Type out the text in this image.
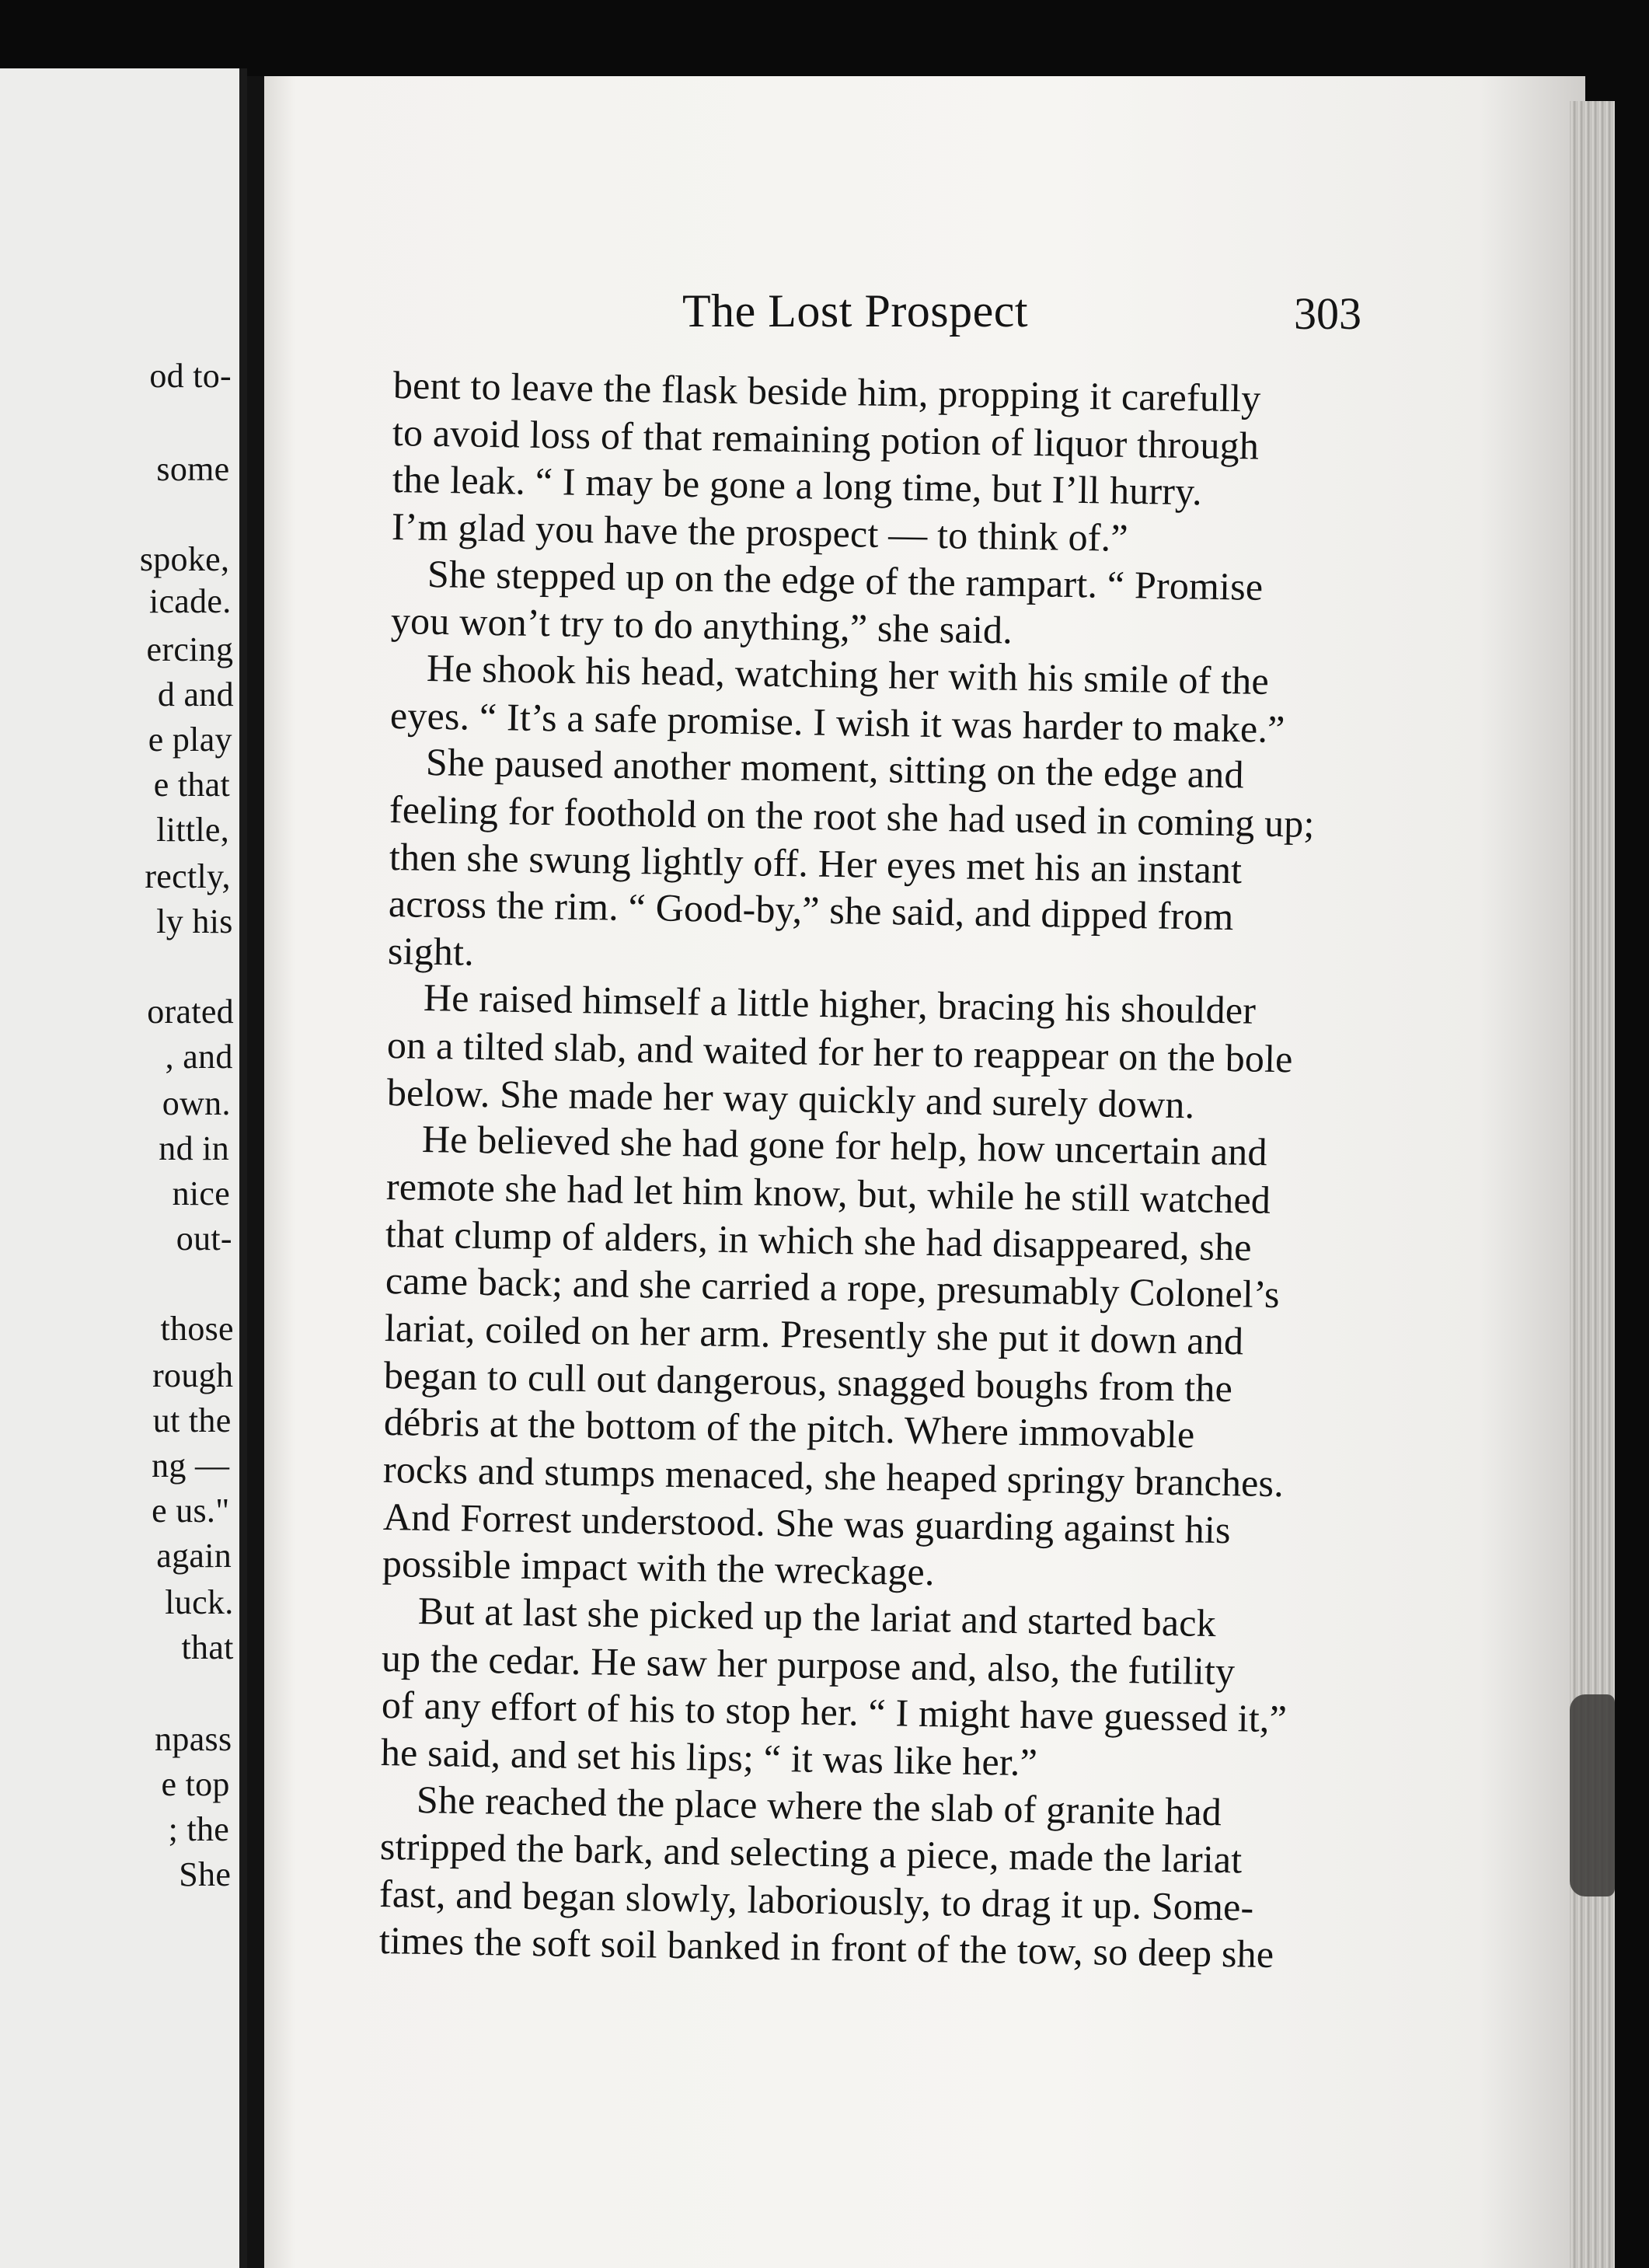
od to-
some
spoke,
icade.
ercing
d and
e play
e that
little,
rectly,
ly his
orated
, and
own.
nd in
nice
out-
those
rough
ut the
ng —
e us."
again
luck.
that
npass
e top
; the
She
The Lost Prospect	303
bent to leave the flask beside him, propping it carefully
to avoid loss of that remaining potion of liquor through
the leak. “ I may be gone a long time, but I’ll hurry.
I’m glad you have the prospect — to think of.”
She stepped up on the edge of the rampart. “ Promise
you won’t try to do anything,” she said.
He shook his head, watching her with his smile of the
eyes. “ It’s a safe promise. I wish it was harder to make.”
She paused another moment, sitting on the edge and
feeling for foothold on the root she had used in coming up;
then she swung lightly off. Her eyes met his an instant
across the rim. “ Good-by,” she said, and dipped from
sight.
He raised himself a little higher, bracing his shoulder
on a tilted slab, and waited for her to reappear on the bole
below. She made her way quickly and surely down.
He believed she had gone for help, how uncertain and
remote she had let him know, but, while he still watched
that clump of alders, in which she had disappeared, she
came back; and she carried a rope, presumably Colonel’s
lariat, coiled on her arm. Presently she put it down and
began to cull out dangerous, snagged boughs from the
débris at the bottom of the pitch. Where immovable
rocks and stumps menaced, she heaped springy branches.
And Forrest understood. She was guarding against his
possible impact with the wreckage.
But at last she picked up the lariat and started back
up the cedar. He saw her purpose and, also, the futility
of any effort of his to stop her. “ I might have guessed it,”
he said, and set his lips; “ it was like her.”
She reached the place where the slab of granite had
stripped the bark, and selecting a piece, made the lariat
fast, and began slowly, laboriously, to drag it up. Some-
times the soft soil banked in front of the tow, so deep she
